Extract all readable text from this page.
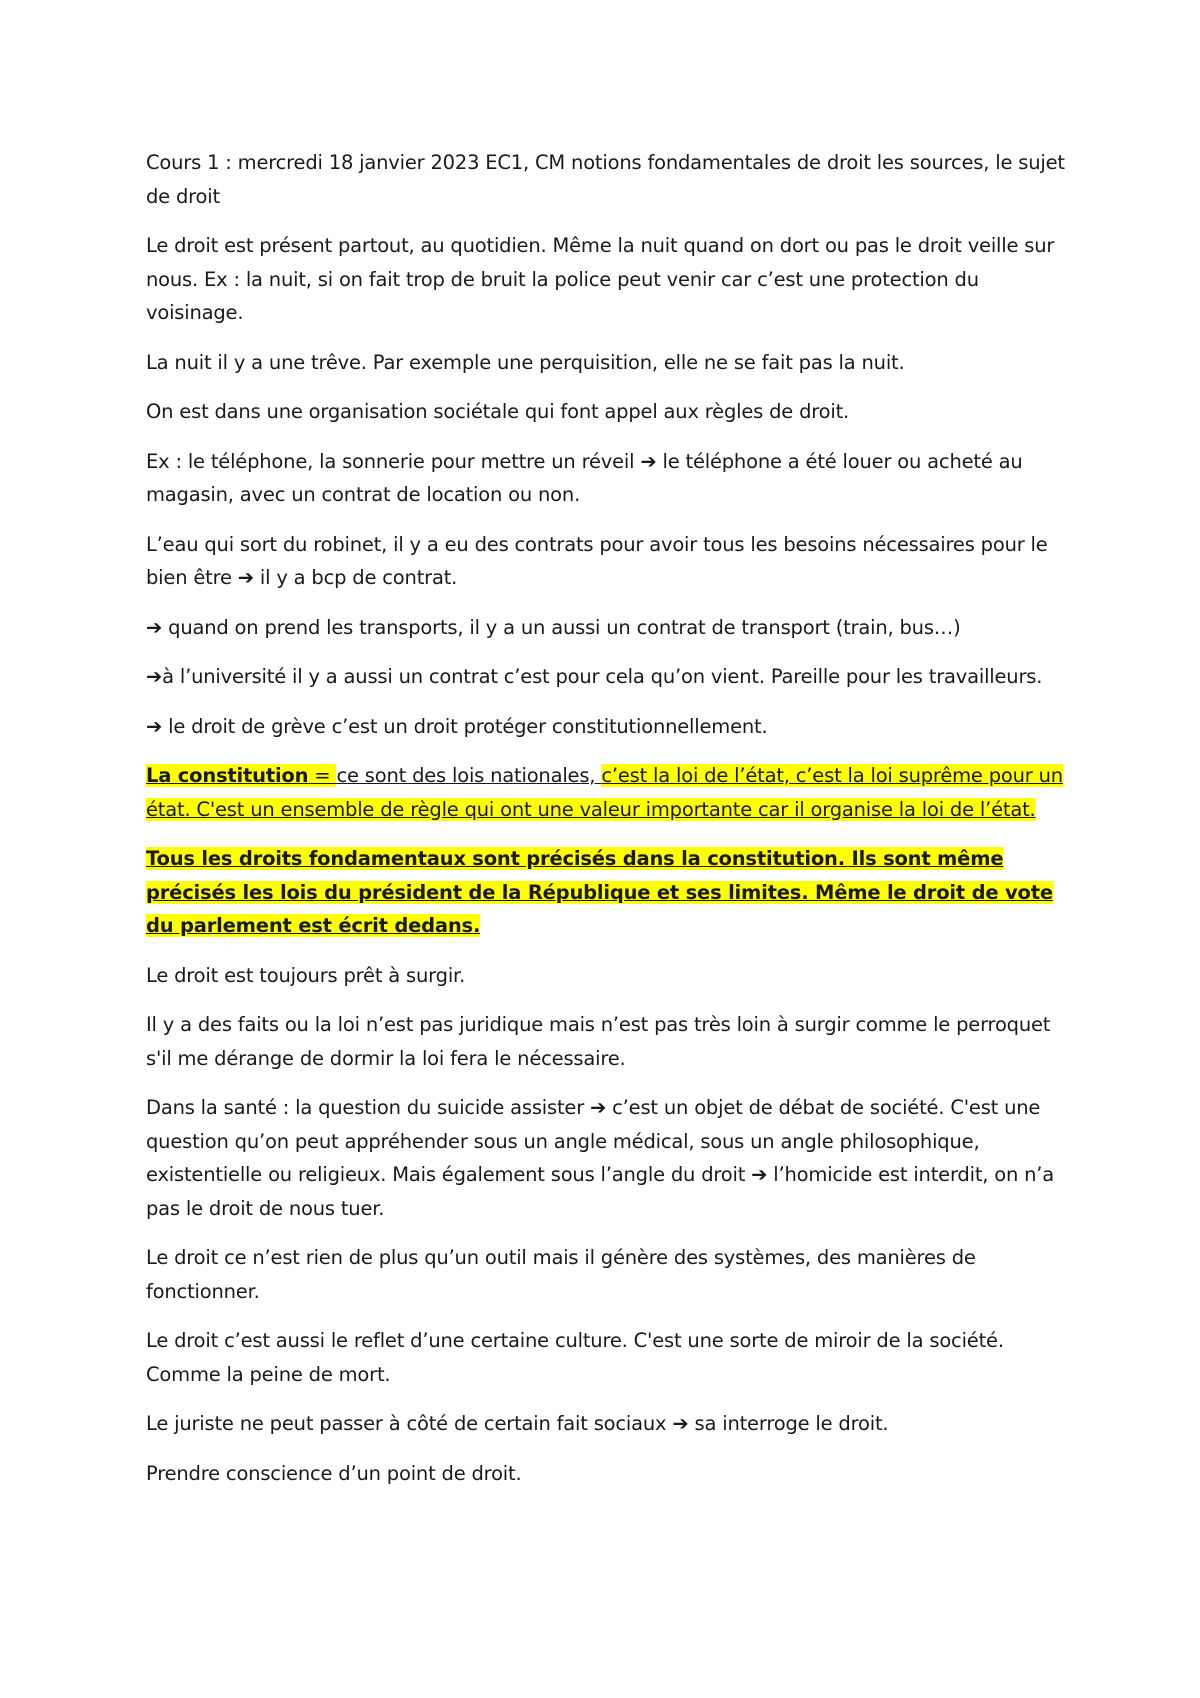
Cours 1 : mercredi 18 janvier 2023 EC1, CM notions fondamentales de droit les sources, le sujet de droit

Le droit est présent partout, au quotidien. Même la nuit quand on dort ou pas le droit veille sur nous. Ex : la nuit, si on fait trop de bruit la police peut venir car c’est une protection du voisinage.

La nuit il y a une trêve. Par exemple une perquisition, elle ne se fait pas la nuit.

On est dans une organisation sociétale qui font appel aux règles de droit.

Ex : le téléphone, la sonnerie pour mettre un réveil ➔ le téléphone a été louer ou acheté au magasin, avec un contrat de location ou non.

L’eau qui sort du robinet, il y a eu des contrats pour avoir tous les besoins nécessaires pour le bien être ➔ il y a bcp de contrat.

➔ quand on prend les transports, il y a un aussi un contrat de transport (train, bus…)

➔à l’université il y a aussi un contrat c’est pour cela qu’on vient. Pareille pour les travailleurs.

➔ le droit de grève c’est un droit protéger constitutionnellement.

La constitution = ce sont des lois nationales, c’est la loi de l’état, c’est la loi suprême pour un état. C'est un ensemble de règle qui ont une valeur importante car il organise la loi de l’état.

Tous les droits fondamentaux sont précisés dans la constitution. Ils sont même précisés les lois du président de la République et ses limites. Même le droit de vote du parlement est écrit dedans.

Le droit est toujours prêt à surgir.

Il y a des faits ou la loi n’est pas juridique mais n’est pas très loin à surgir comme le perroquet s'il me dérange de dormir la loi fera le nécessaire.

Dans la santé : la question du suicide assister ➔ c’est un objet de débat de société. C'est une question qu’on peut appréhender sous un angle médical, sous un angle philosophique, existentielle ou religieux. Mais également sous l’angle du droit ➔ l’homicide est interdit, on n’a pas le droit de nous tuer.

Le droit ce n’est rien de plus qu’un outil mais il génère des systèmes, des manières de fonctionner.

Le droit c’est aussi le reflet d’une certaine culture. C'est une sorte de miroir de la société. Comme la peine de mort.

Le juriste ne peut passer à côté de certain fait sociaux ➔ sa interroge le droit.

Prendre conscience d’un point de droit.
